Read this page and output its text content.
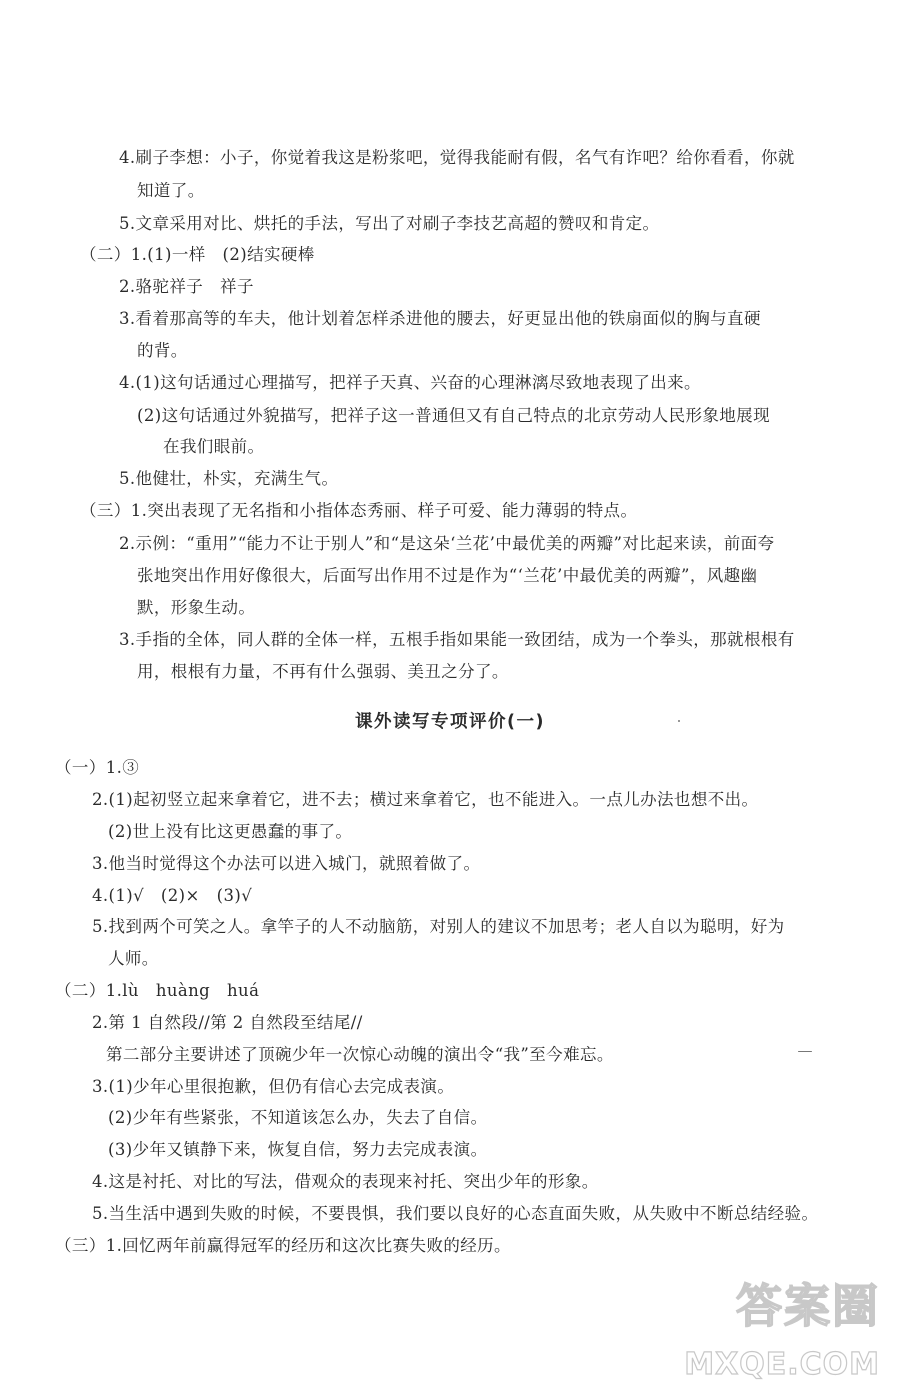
4.刷子李想：小子，你觉着我这是粉浆吧，觉得我能耐有假，名气有诈吧？给你看看，你就
知道了。
5.文章采用对比、烘托的手法，写出了对刷子李技艺高超的赞叹和肯定。
（二）1.(1)一样　(2)结实硬棒
2.骆驼祥子　祥子
3.看着那高等的车夫，他计划着怎样杀进他的腰去，好更显出他的铁扇面似的胸与直硬
的背。
4.(1)这句话通过心理描写，把祥子天真、兴奋的心理淋漓尽致地表现了出来。
(2)这句话通过外貌描写，把祥子这一普通但又有自己特点的北京劳动人民形象地展现
在我们眼前。
5.他健壮，朴实，充满生气。
（三）1.突出表现了无名指和小指体态秀丽、样子可爱、能力薄弱的特点。
2.示例：“重用”“能力不让于别人”和“是这朵‘兰花’中最优美的两瓣”对比起来读，前面夸
张地突出作用好像很大，后面写出作用不过是作为“‘兰花’中最优美的两瓣”，风趣幽
默，形象生动。
3.手指的全体，同人群的全体一样，五根手指如果能一致团结，成为一个拳头，那就根根有
用，根根有力量，不再有什么强弱、美丑之分了。
课外读写专项评价(一)
（一）1.③
2.(1)起初竖立起来拿着它，进不去；横过来拿着它，也不能进入。一点儿办法也想不出。
(2)世上没有比这更愚蠢的事了。
3.他当时觉得这个办法可以进入城门，就照着做了。
4.(1)√　(2)×　(3)√
5.找到两个可笑之人。拿竿子的人不动脑筋，对别人的建议不加思考；老人自以为聪明，好为
人师。
（二）1.lù　huàng　huá
2.第 1 自然段//第 2 自然段至结尾//
第二部分主要讲述了顶碗少年一次惊心动魄的演出令“我”至今难忘。
3.(1)少年心里很抱歉，但仍有信心去完成表演。
(2)少年有些紧张，不知道该怎么办，失去了自信。
(3)少年又镇静下来，恢复自信，努力去完成表演。
4.这是衬托、对比的写法，借观众的表现来衬托、突出少年的形象。
5.当生活中遇到失败的时候，不要畏惧，我们要以良好的心态直面失败，从失败中不断总结经验。
（三）1.回忆两年前赢得冠军的经历和这次比赛失败的经历。
答案圈
MXQE.COM
